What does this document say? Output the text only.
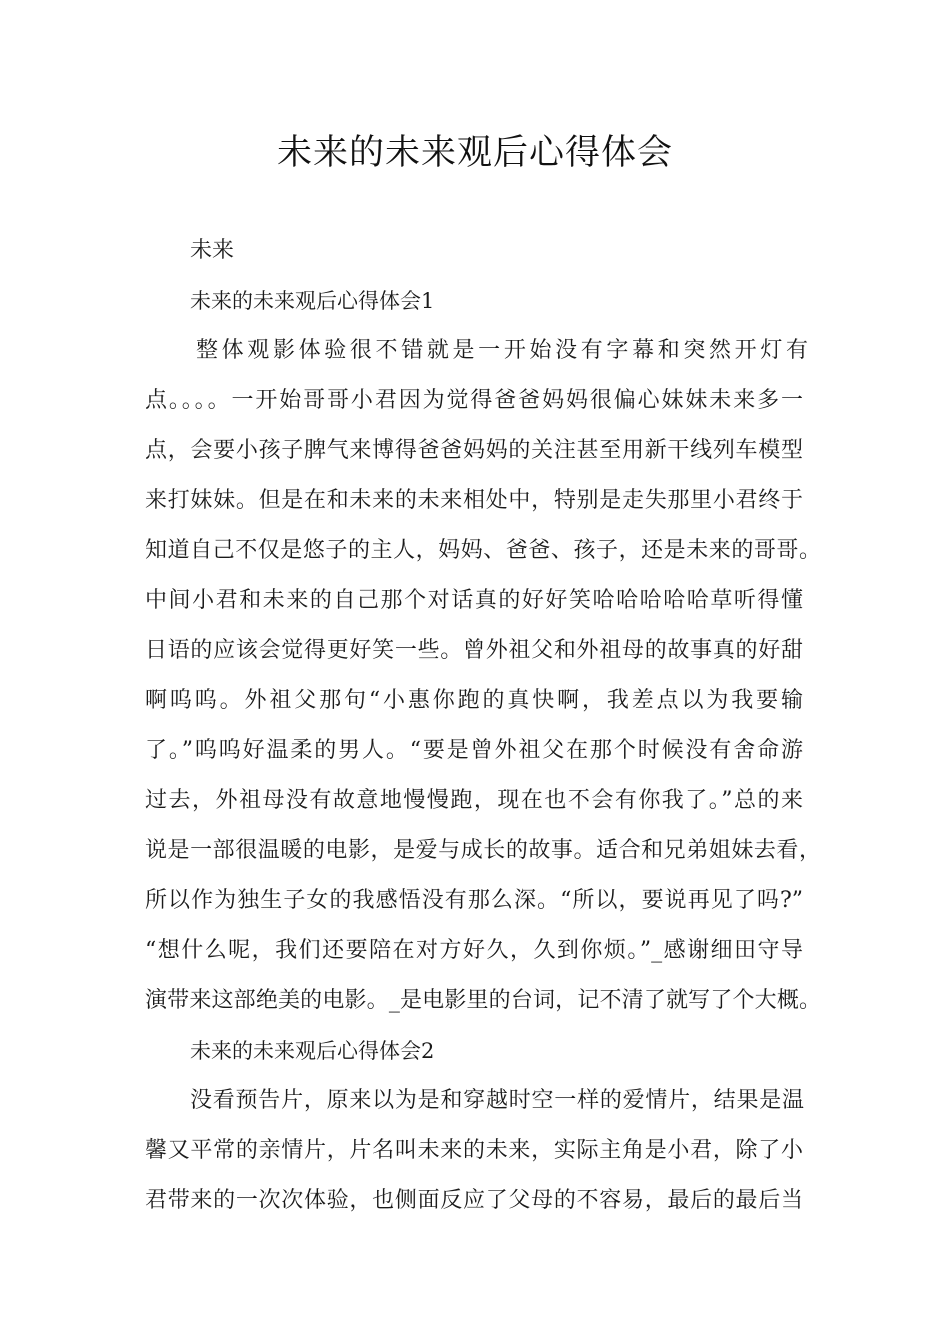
未来的未来观后心得体会

未来

未来的未来观后心得体会1

整体观影体验很不错就是一开始没有字幕和突然开灯有

点。。。。一开始哥哥小君因为觉得爸爸妈妈很偏心妹妹未来多一

点，会要小孩子脾气来博得爸爸妈妈的关注甚至用新干线列车模型

来打妹妹。但是在和未来的未来相处中，特别是走失那里小君终于

知道自己不仅是悠子的主人，妈妈、爸爸、孩子，还是未来的哥哥。

中间小君和未来的自己那个对话真的好好笑哈哈哈哈哈草听得懂

日语的应该会觉得更好笑一些。曾外祖父和外祖母的故事真的好甜

啊呜呜。外祖父那句“小惠你跑的真快啊，我差点以为我要输

了。”呜呜好温柔的男人。“要是曾外祖父在那个时候没有舍命游

过去，外祖母没有故意地慢慢跑，现在也不会有你我了。”总的来

说是一部很温暖的电影，是爱与成长的故事。适合和兄弟姐妹去看，

所以作为独生子女的我感悟没有那么深。“所以，要说再见了吗?”

“想什么呢，我们还要陪在对方好久，久到你烦。”_感谢细田守导

演带来这部绝美的电影。_是电影里的台词，记不清了就写了个大概。

未来的未来观后心得体会2

没看预告片，原来以为是和穿越时空一样的爱情片，结果是温

馨又平常的亲情片，片名叫未来的未来，实际主角是小君，除了小

君带来的一次次体验，也侧面反应了父母的不容易，最后的最后当
